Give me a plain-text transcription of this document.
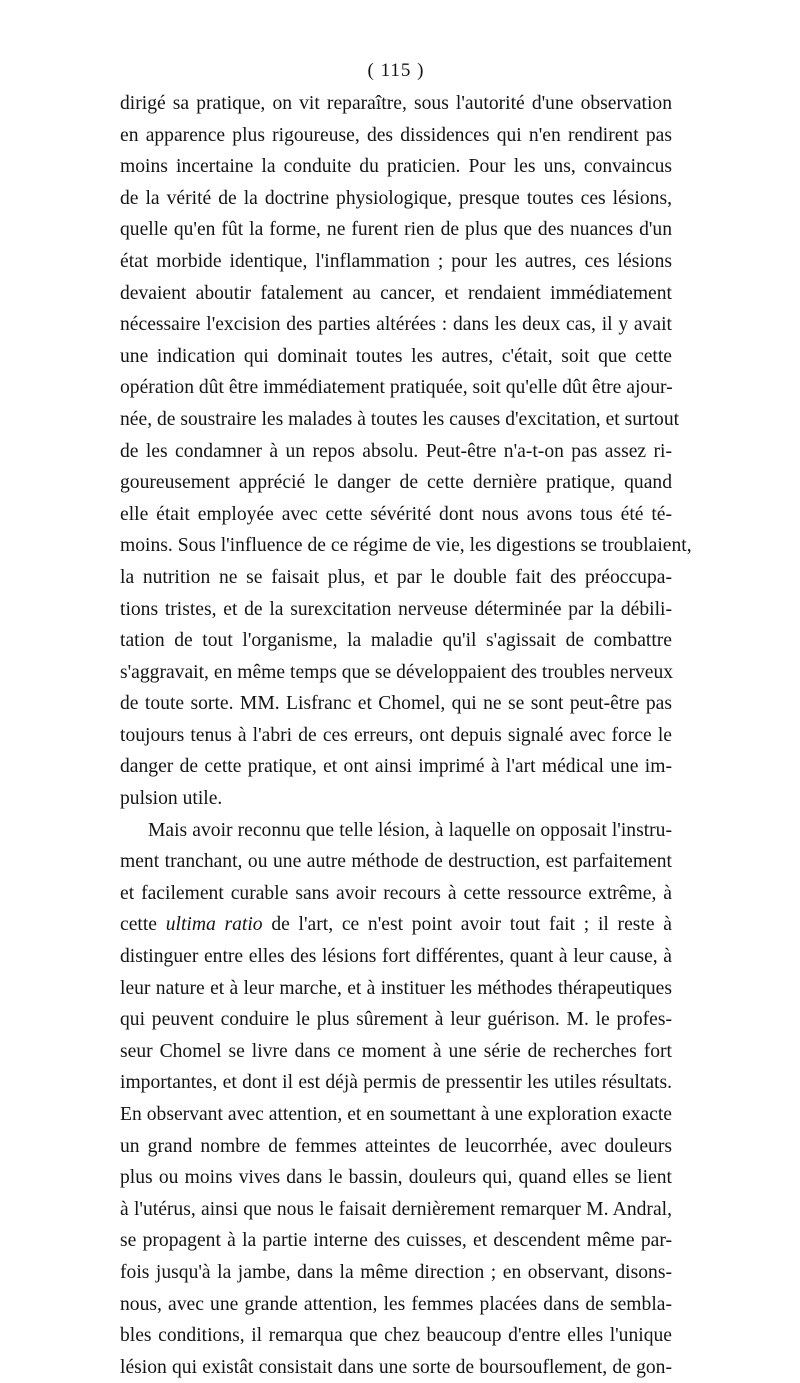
( 115 )
dirigé sa pratique, on vit reparaître, sous l'autorité d'une observation
en apparence plus rigoureuse, des dissidences qui n'en rendirent pas
moins incertaine la conduite du praticien. Pour les uns, convaincus
de la vérité de la doctrine physiologique, presque toutes ces lésions,
quelle qu'en fût la forme, ne furent rien de plus que des nuances d'un
état morbide identique, l'inflammation ; pour les autres, ces lésions
devaient aboutir fatalement au cancer, et rendaient immédiatement
nécessaire l'excision des parties altérées : dans les deux cas, il y avait
une indication qui dominait toutes les autres, c'était, soit que cette
opération dût être immédiatement pratiquée, soit qu'elle dût être ajour-
née, de soustraire les malades à toutes les causes d'excitation, et surtout
de les condamner à un repos absolu. Peut-être n'a-t-on pas assez ri-
goureusement apprécié le danger de cette dernière pratique, quand
elle était employée avec cette sévérité dont nous avons tous été té-
moins. Sous l'influence de ce régime de vie, les digestions se troublaient,
la nutrition ne se faisait plus, et par le double fait des préoccupa-
tions tristes, et de la surexcitation nerveuse déterminée par la débili-
tation de tout l'organisme, la maladie qu'il s'agissait de combattre
s'aggravait, en même temps que se développaient des troubles nerveux
de toute sorte. MM. Lisfranc et Chomel, qui ne se sont peut-être pas
toujours tenus à l'abri de ces erreurs, ont depuis signalé avec force le
danger de cette pratique, et ont ainsi imprimé à l'art médical une im-
pulsion utile.
Mais avoir reconnu que telle lésion, à laquelle on opposait l'instru-
ment tranchant, ou une autre méthode de destruction, est parfaitement
et facilement curable sans avoir recours à cette ressource extrême, à
cette ultima ratio de l'art, ce n'est point avoir tout fait ; il reste à
distinguer entre elles des lésions fort différentes, quant à leur cause, à
leur nature et à leur marche, et à instituer les méthodes thérapeutiques
qui peuvent conduire le plus sûrement à leur guérison. M. le profes-
seur Chomel se livre dans ce moment à une série de recherches fort
importantes, et dont il est déjà permis de pressentir les utiles résultats.
En observant avec attention, et en soumettant à une exploration exacte
un grand nombre de femmes atteintes de leucorrhée, avec douleurs
plus ou moins vives dans le bassin, douleurs qui, quand elles se lient
à l'utérus, ainsi que nous le faisait dernièrement remarquer M. Andral,
se propagent à la partie interne des cuisses, et descendent même par-
fois jusqu'à la jambe, dans la même direction ; en observant, disons-
nous, avec une grande attention, les femmes placées dans de sembla-
bles conditions, il remarqua que chez beaucoup d'entre elles l'unique
lésion qui existât consistait dans une sorte de boursouflement, de gon-
